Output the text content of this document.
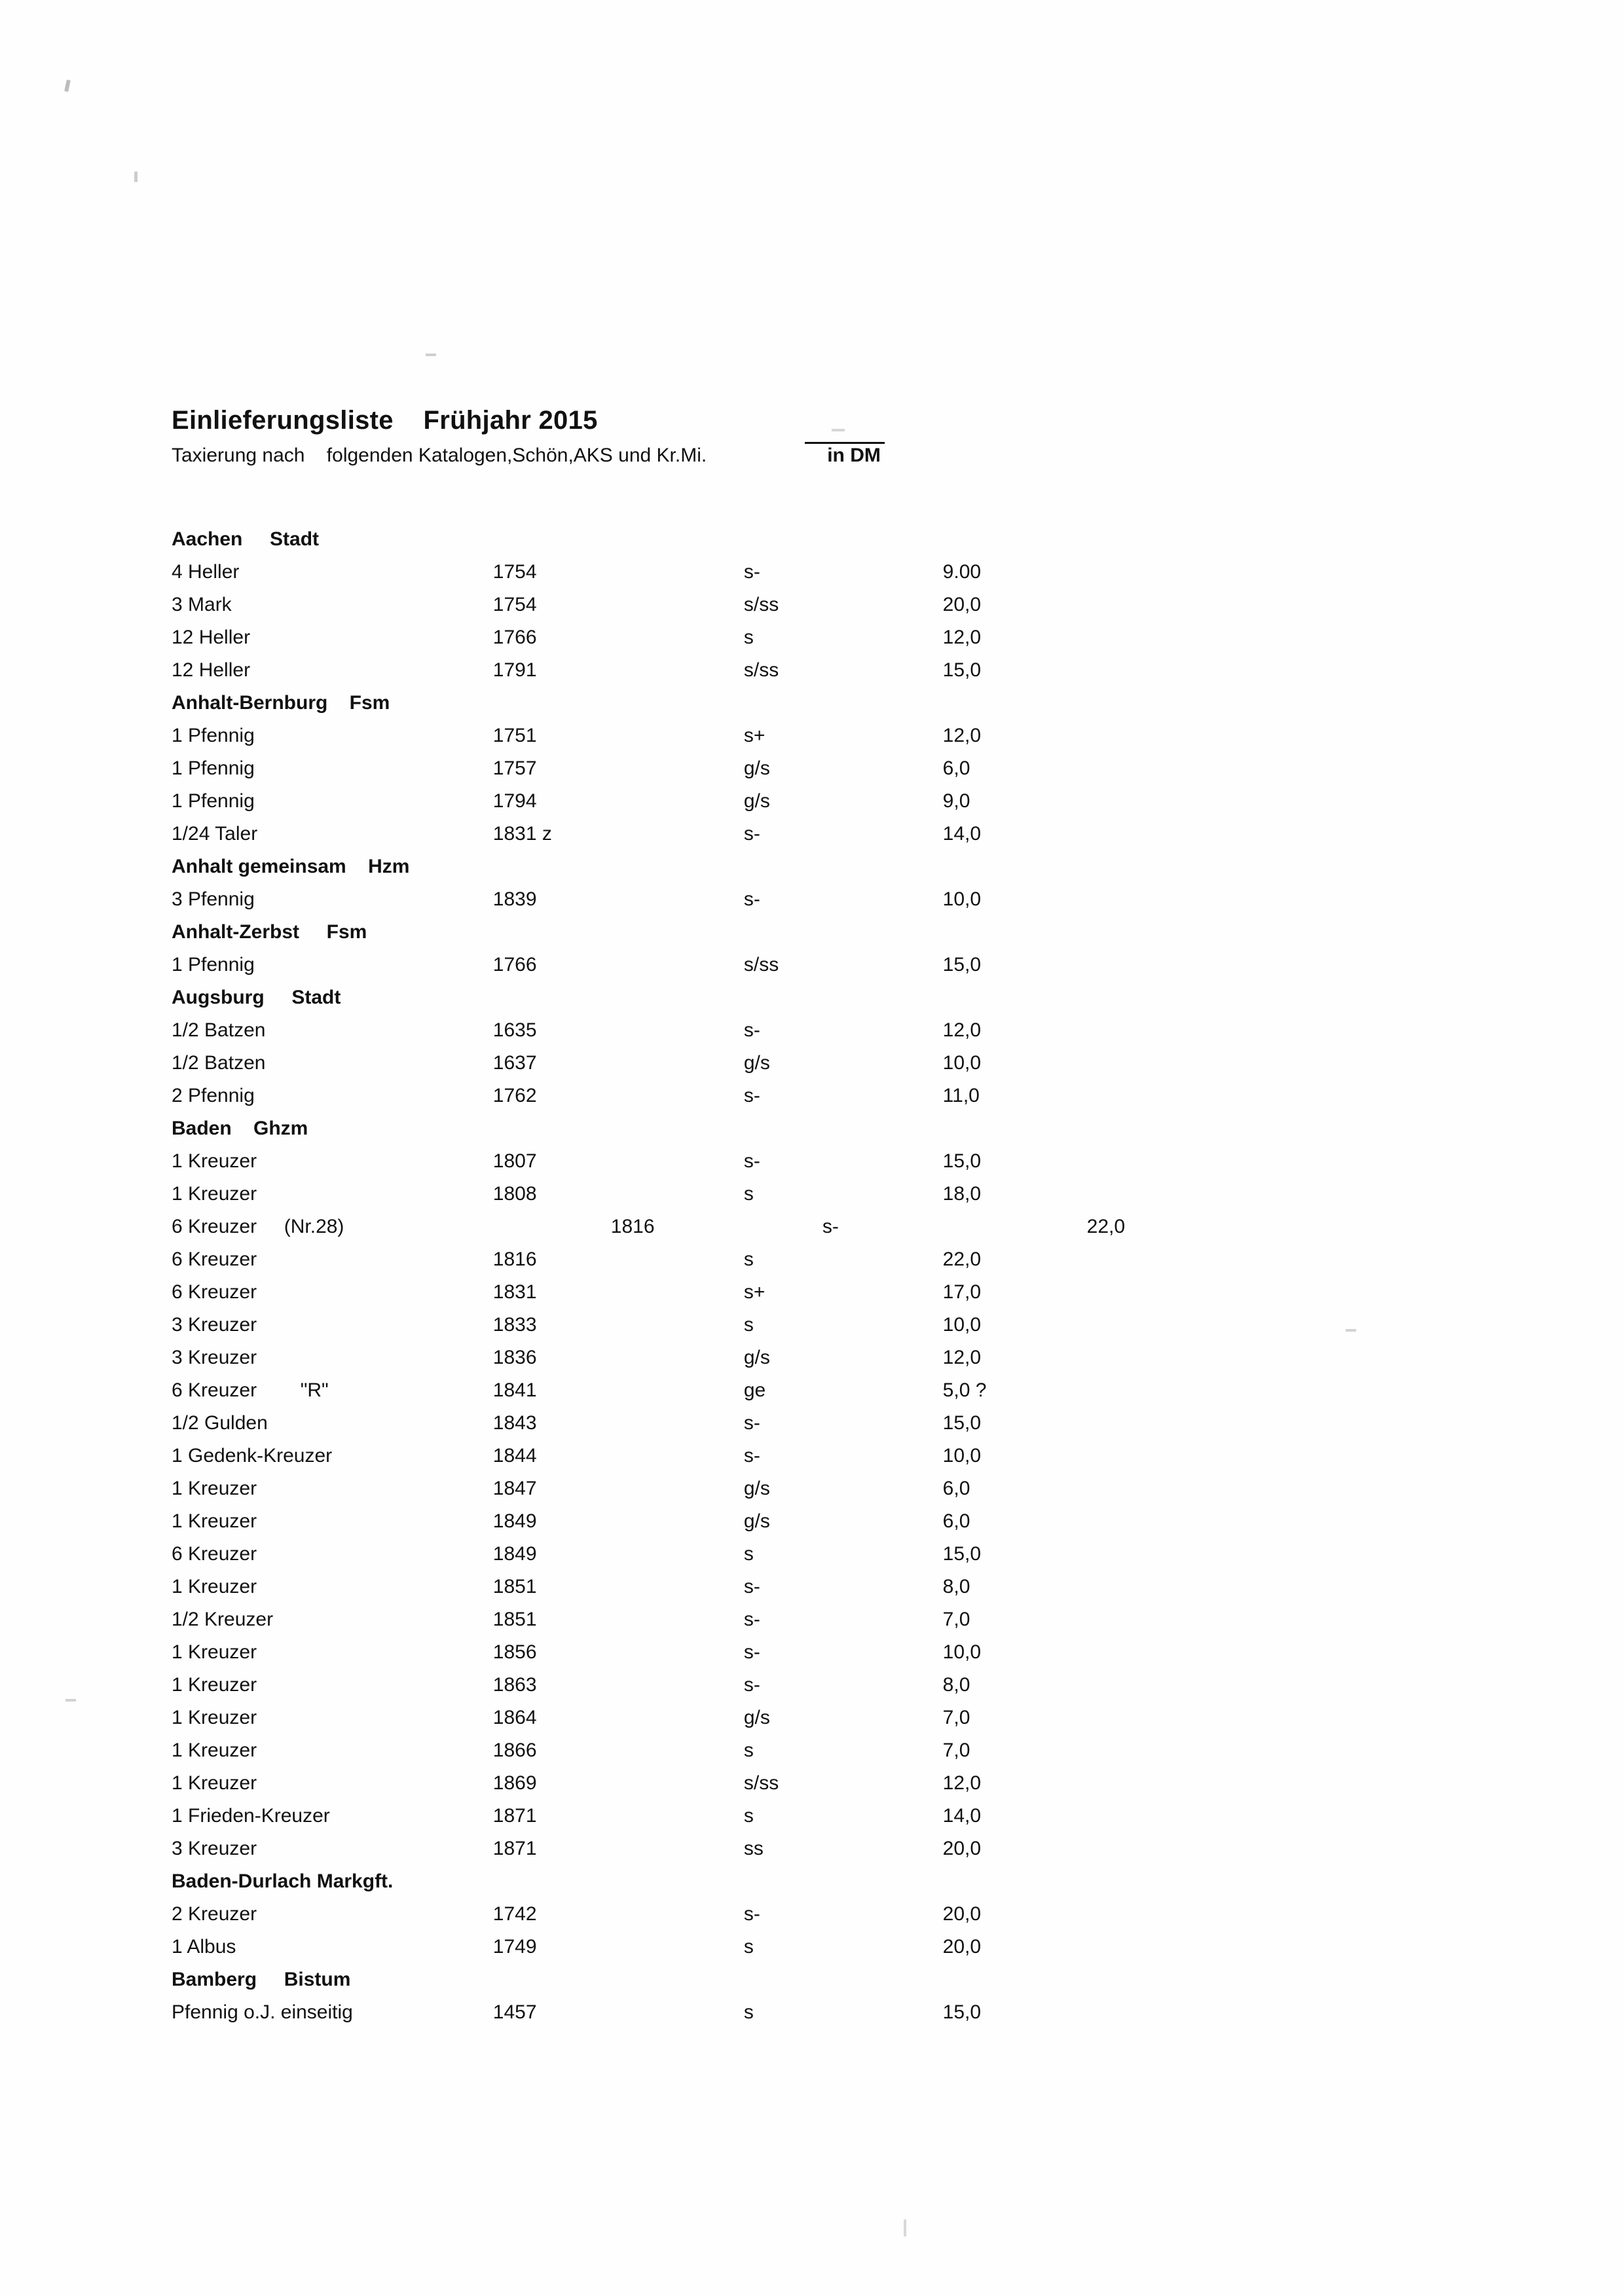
Einlieferungsliste    Frühjahr 2015
Taxierung nach    folgenden Katalogen,Schön,AKS und Kr.Mi.	in DM
Aachen     Stadt			
4 Heller	1754	s-	9.00
3 Mark	1754	s/ss	20,0
12 Heller	1766	s	12,0
12 Heller	1791	s/ss	15,0
Anhalt-Bernburg    Fsm			
1 Pfennig	1751	s+	12,0
1 Pfennig	1757	g/s	6,0
1 Pfennig	1794	g/s	9,0
1/24 Taler	1831 z	s-	14,0
Anhalt gemeinsam    Hzm			
3 Pfennig	1839	s-	10,0
Anhalt-Zerbst     Fsm			
1 Pfennig	1766	s/ss	15,0
Augsburg     Stadt			
1/2 Batzen	1635	s-	12,0
1/2 Batzen	1637	g/s	10,0
2 Pfennig	1762	s-	11,0
Baden    Ghzm			
1 Kreuzer	1807	s-	15,0
1 Kreuzer	1808	s	18,0
6 Kreuzer     (Nr.28)	1816	s-	22,0
6 Kreuzer	1816	s	22,0
6 Kreuzer	1831	s+	17,0
3 Kreuzer	1833	s	10,0
3 Kreuzer	1836	g/s	12,0
6 Kreuzer        "R"	1841	ge	5,0 ?
1/2 Gulden	1843	s-	15,0
1 Gedenk-Kreuzer	1844	s-	10,0
1 Kreuzer	1847	g/s	6,0
1 Kreuzer	1849	g/s	6,0
6 Kreuzer	1849	s	15,0
1 Kreuzer	1851	s-	8,0
1/2 Kreuzer	1851	s-	7,0
1 Kreuzer	1856	s-	10,0
1 Kreuzer	1863	s-	8,0
1 Kreuzer	1864	g/s	7,0
1 Kreuzer	1866	s	7,0
1 Kreuzer	1869	s/ss	12,0
1 Frieden-Kreuzer	1871	s	14,0
3 Kreuzer	1871	ss	20,0
Baden-Durlach Markgft.			
2 Kreuzer	1742	s-	20,0
1 Albus	1749	s	20,0
Bamberg     Bistum			
Pfennig o.J. einseitig	1457	s	15,0
